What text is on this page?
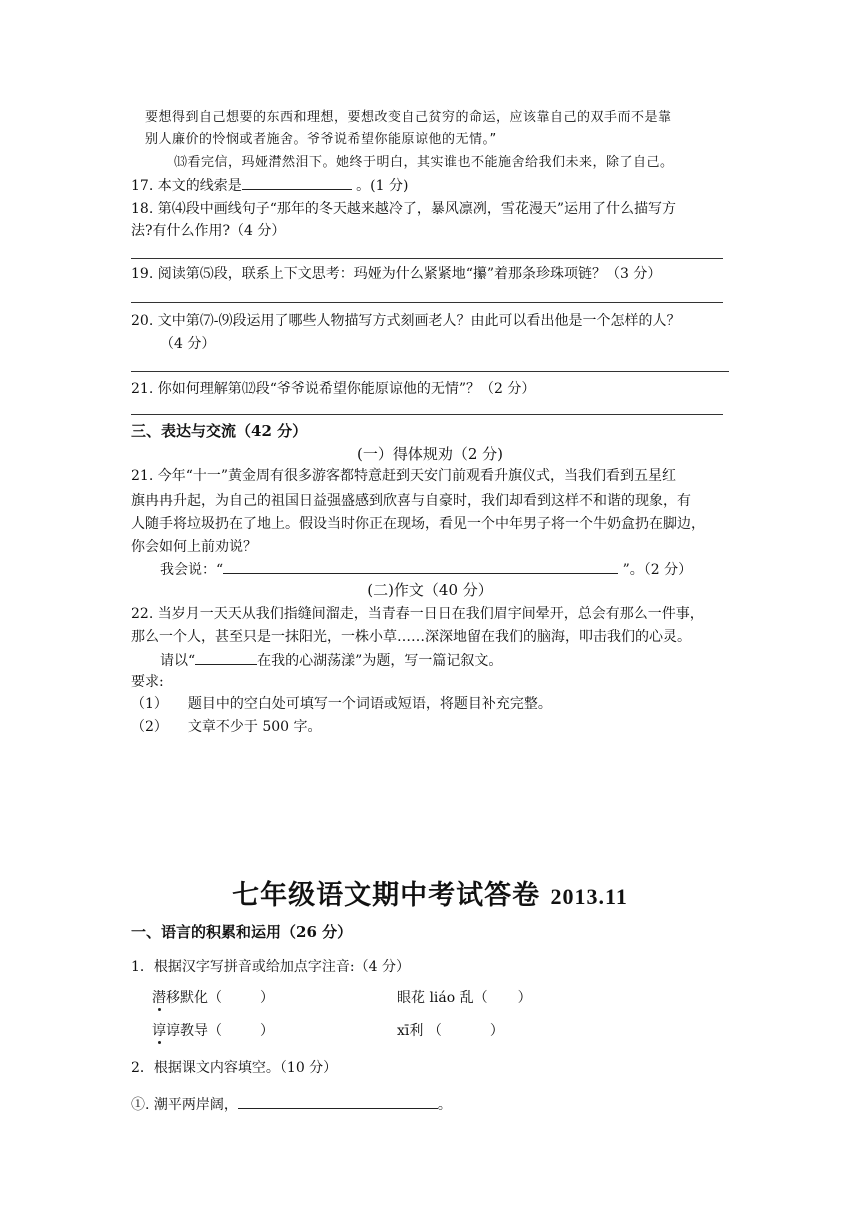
要想得到自己想要的东西和理想，要想改变自己贫穷的命运，应该靠自己的双手而不是靠
别人廉价的怜悯或者施舍。爷爷说希望你能原谅他的无情。”
⒀看完信，玛娅潸然泪下。她终于明白，其实谁也不能施舍给我们未来，除了自己。
17. 本文的线索是	。(1 分)
18. 第⑷段中画线句子“那年的冬天越来越冷了，暴风凛冽，雪花漫天”运用了什么描写方
法?有什么作用?（4 分）
19. 阅读第⑸段，联系上下文思考：玛娅为什么紧紧地“攥”着那条珍珠项链？（3 分）
20. 文中第⑺-⑼段运用了哪些人物描写方式刻画老人？由此可以看出他是一个怎样的人？
（4 分）
21. 你如何理解第⑿段“爷爷说希望你能原谅他的无情”？（2 分）
三、表达与交流（42 分）
(一）得体规劝（2 分)
21. 今年“十一”黄金周有很多游客都特意赶到天安门前观看升旗仪式，当我们看到五星红
旗冉冉升起，为自己的祖国日益强盛感到欣喜与自豪时，我们却看到这样不和谐的现象，有
人随手将垃圾扔在了地上。假设当时你正在现场，看见一个中年男子将一个牛奶盒扔在脚边，
你会如何上前劝说？
我会说：“	”。（2 分）
(二)作文（40 分）
22. 当岁月一天天从我们指缝间溜走，当青春一日日在我们眉宇间晕开，总会有那么一件事，
那么一个人，甚至只是一抹阳光，一株小草……深深地留在我们的脑海，叩击我们的心灵。
请以“	在我的心湖荡漾”为题，写一篇记叙文。
要求:
（1） 题目中的空白处可填写一个词语或短语，将题目补充完整。
（2） 文章不少于 500 字。
七年级语文期中考试答卷 2013.11
一、语言的积累和运用（26 分）
1．根据汉字写拼音或给加点字注音:（4 分）
潜移默化（	）	眼花 liáo 乱（ ）
谆谆教导（	）	xī利 （	）
2．根据课文内容填空。（10 分）
①. 潮平两岸阔，	。
